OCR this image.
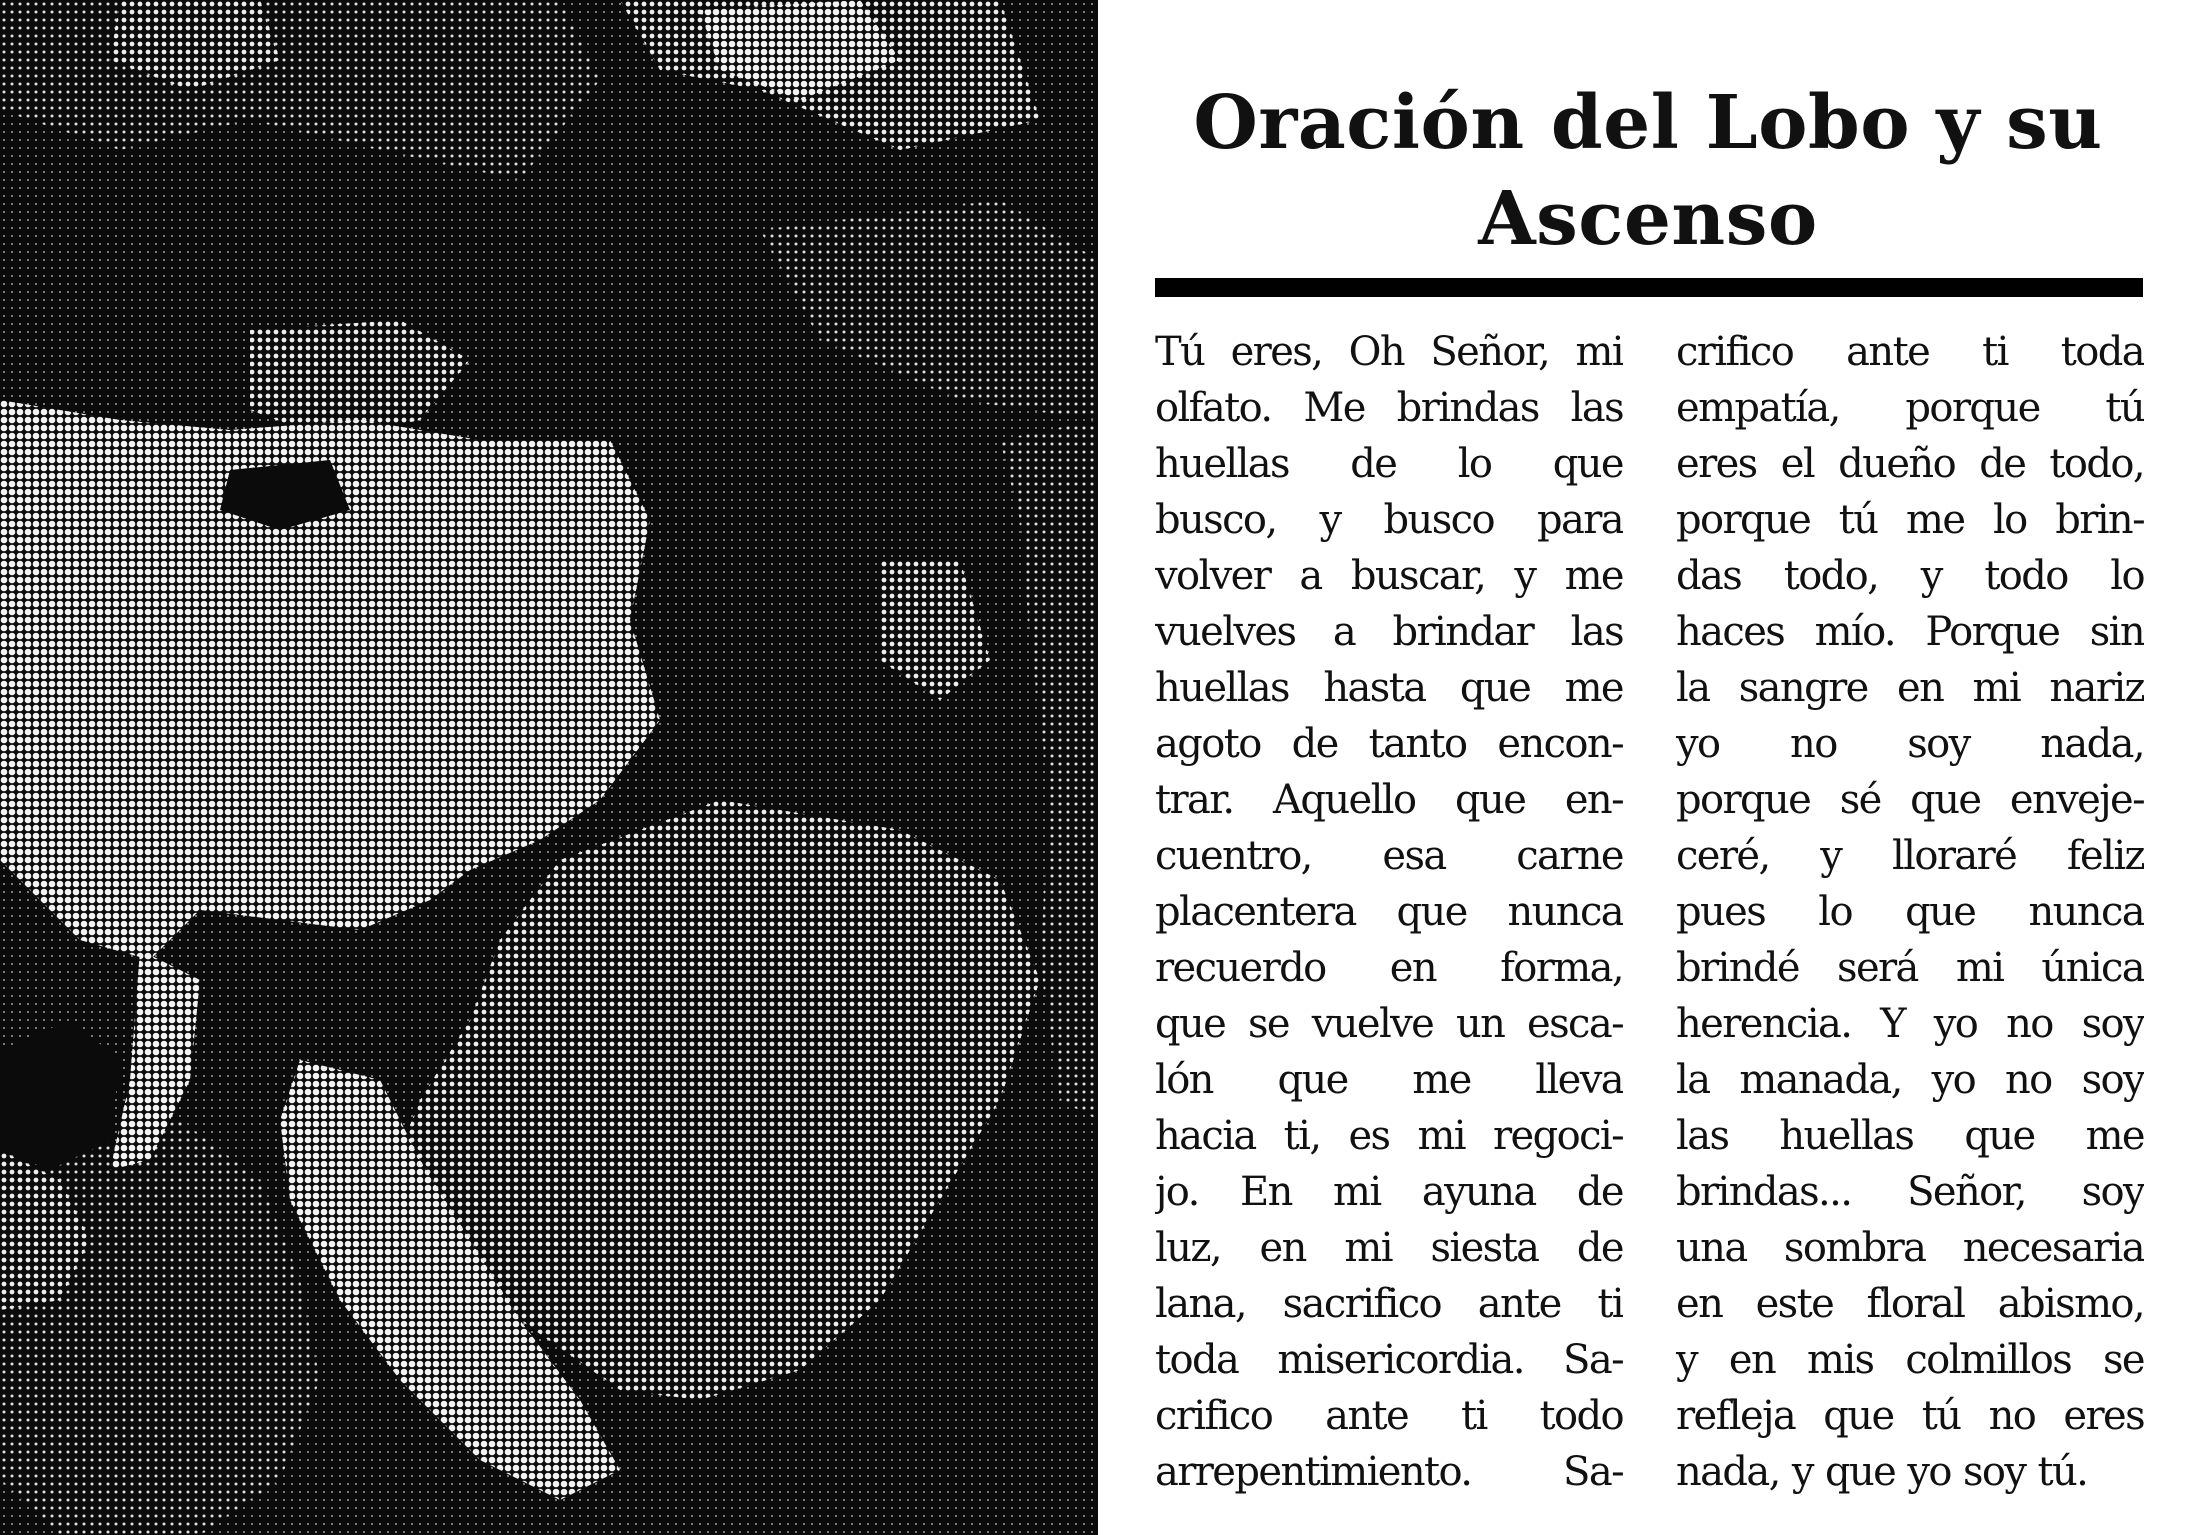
Oración del Lobo y su
Ascenso
Tú eres, Oh Señor, mi
olfato. Me brindas las
huellas de lo que
busco, y busco para
volver a buscar, y me
vuelves a brindar las
huellas hasta que me
agoto de tanto encon-
trar. Aquello que en-
cuentro, esa carne
placentera que nunca
recuerdo en forma,
que se vuelve un esca-
lón que me lleva
hacia ti, es mi regoci-
jo. En mi ayuna de
luz, en mi siesta de
lana, sacrifico ante ti
toda misericordia. Sa-
crifico ante ti todo
arrepentimiento. Sa-
crifico ante ti toda
empatía, porque tú
eres el dueño de todo,
porque tú me lo brin-
das todo, y todo lo
haces mío. Porque sin
la sangre en mi nariz
yo no soy nada,
porque sé que enveje-
ceré, y lloraré feliz
pues lo que nunca
brindé será mi única
herencia. Y yo no soy
la manada, yo no soy
las huellas que me
brindas... Señor, soy
una sombra necesaria
en este floral abismo,
y en mis colmillos se
refleja que tú no eres
nada, y que yo soy tú.
